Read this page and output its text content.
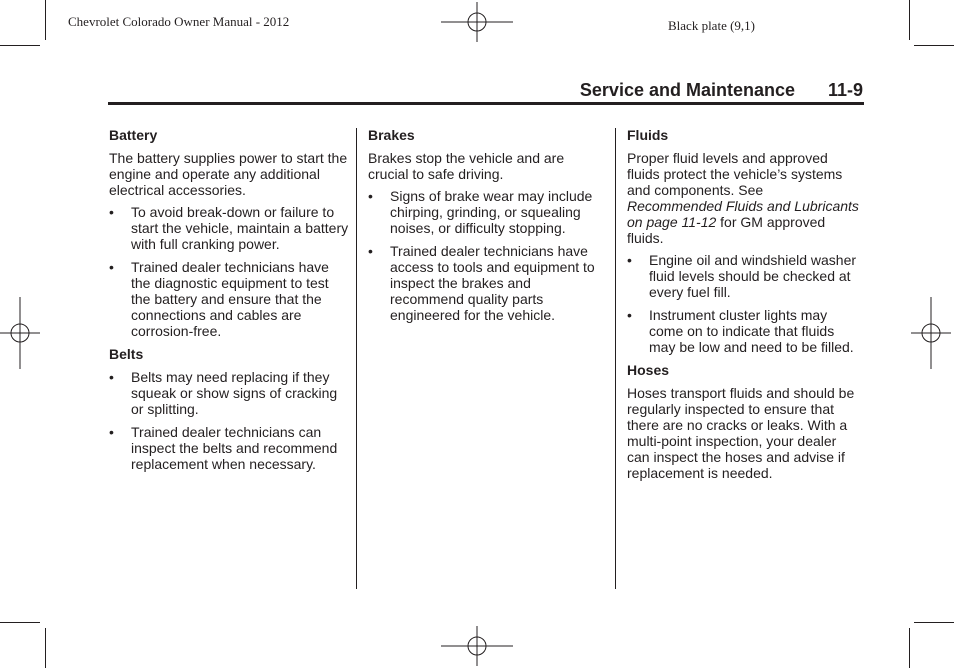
Chevrolet Colorado Owner Manual - 2012	Black plate (9,1)
Service and Maintenance 11-9
Battery

The battery supplies power to start the engine and operate any additional electrical accessories.

• To avoid break-down or failure to start the vehicle, maintain a battery with full cranking power.
• Trained dealer technicians have the diagnostic equipment to test the battery and ensure that the connections and cables are corrosion-free.
Belts
• Belts may need replacing if they squeak or show signs of cracking or splitting.
• Trained dealer technicians can inspect the belts and recommend replacement when necessary.
Brakes

Brakes stop the vehicle and are crucial to safe driving.

• Signs of brake wear may include chirping, grinding, or squealing noises, or difficulty stopping.
• Trained dealer technicians have access to tools and equipment to inspect the brakes and recommend quality parts engineered for the vehicle.
Fluids

Proper fluid levels and approved fluids protect the vehicle’s systems and components. See Recommended Fluids and Lubricants on page 11-12 for GM approved fluids.

• Engine oil and windshield washer fluid levels should be checked at every fuel fill.
• Instrument cluster lights may come on to indicate that fluids may be low and need to be filled.
Hoses

Hoses transport fluids and should be regularly inspected to ensure that there are no cracks or leaks. With a multi-point inspection, your dealer can inspect the hoses and advise if replacement is needed.
